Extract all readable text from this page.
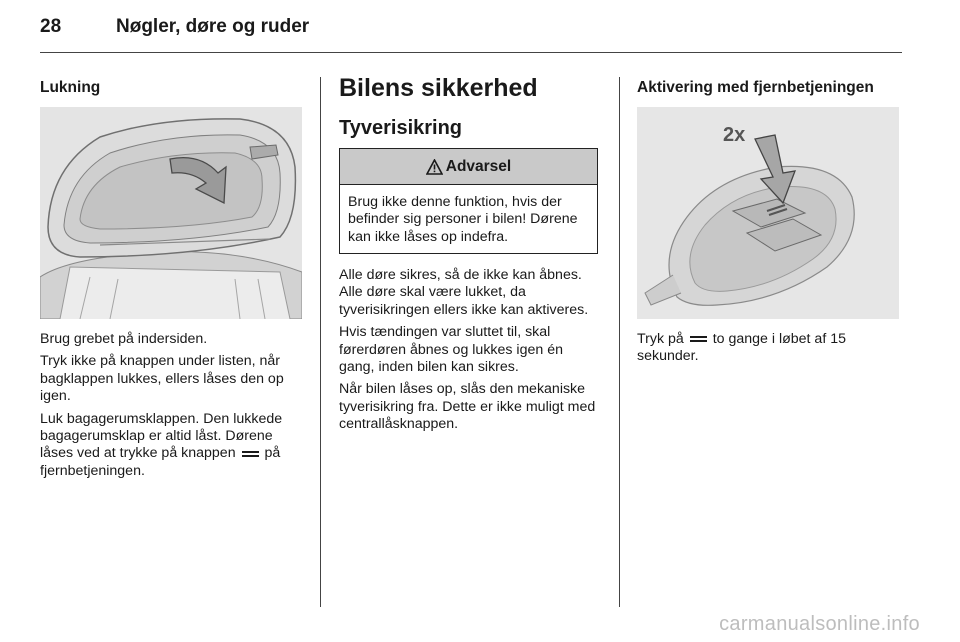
28	Nøgler, døre og ruder
Lukning

Brug grebet på indersiden.

Tryk ikke på knappen under listen, når bagklappen lukkes, ellers låses den op igen.

Luk bagagerumsklappen. Den lukkede bagagerumsklap er altid låst. Dørene låses ved at trykke på knappen på fjernbetjeningen.

Bilens sikkerhed
Tyverisikring
Advarsel
Brug ikke denne funktion, hvis der befinder sig personer i bilen! Dørene kan ikke låses op indefra.

Alle døre sikres, så de ikke kan åbnes. Alle døre skal være lukket, da tyverisikringen ellers ikke kan aktiveres.

Hvis tændingen var sluttet til, skal førerdøren åbnes og lukkes igen én gang, inden bilen kan sikres.

Når bilen låses op, slås den mekaniske tyverisikring fra. Dette er ikke muligt med centrallåsknappen.

Aktivering med fjernbetjeningen
2x

Tryk på to gange i løbet af 15 sekunder.

carmanualsonline.info
